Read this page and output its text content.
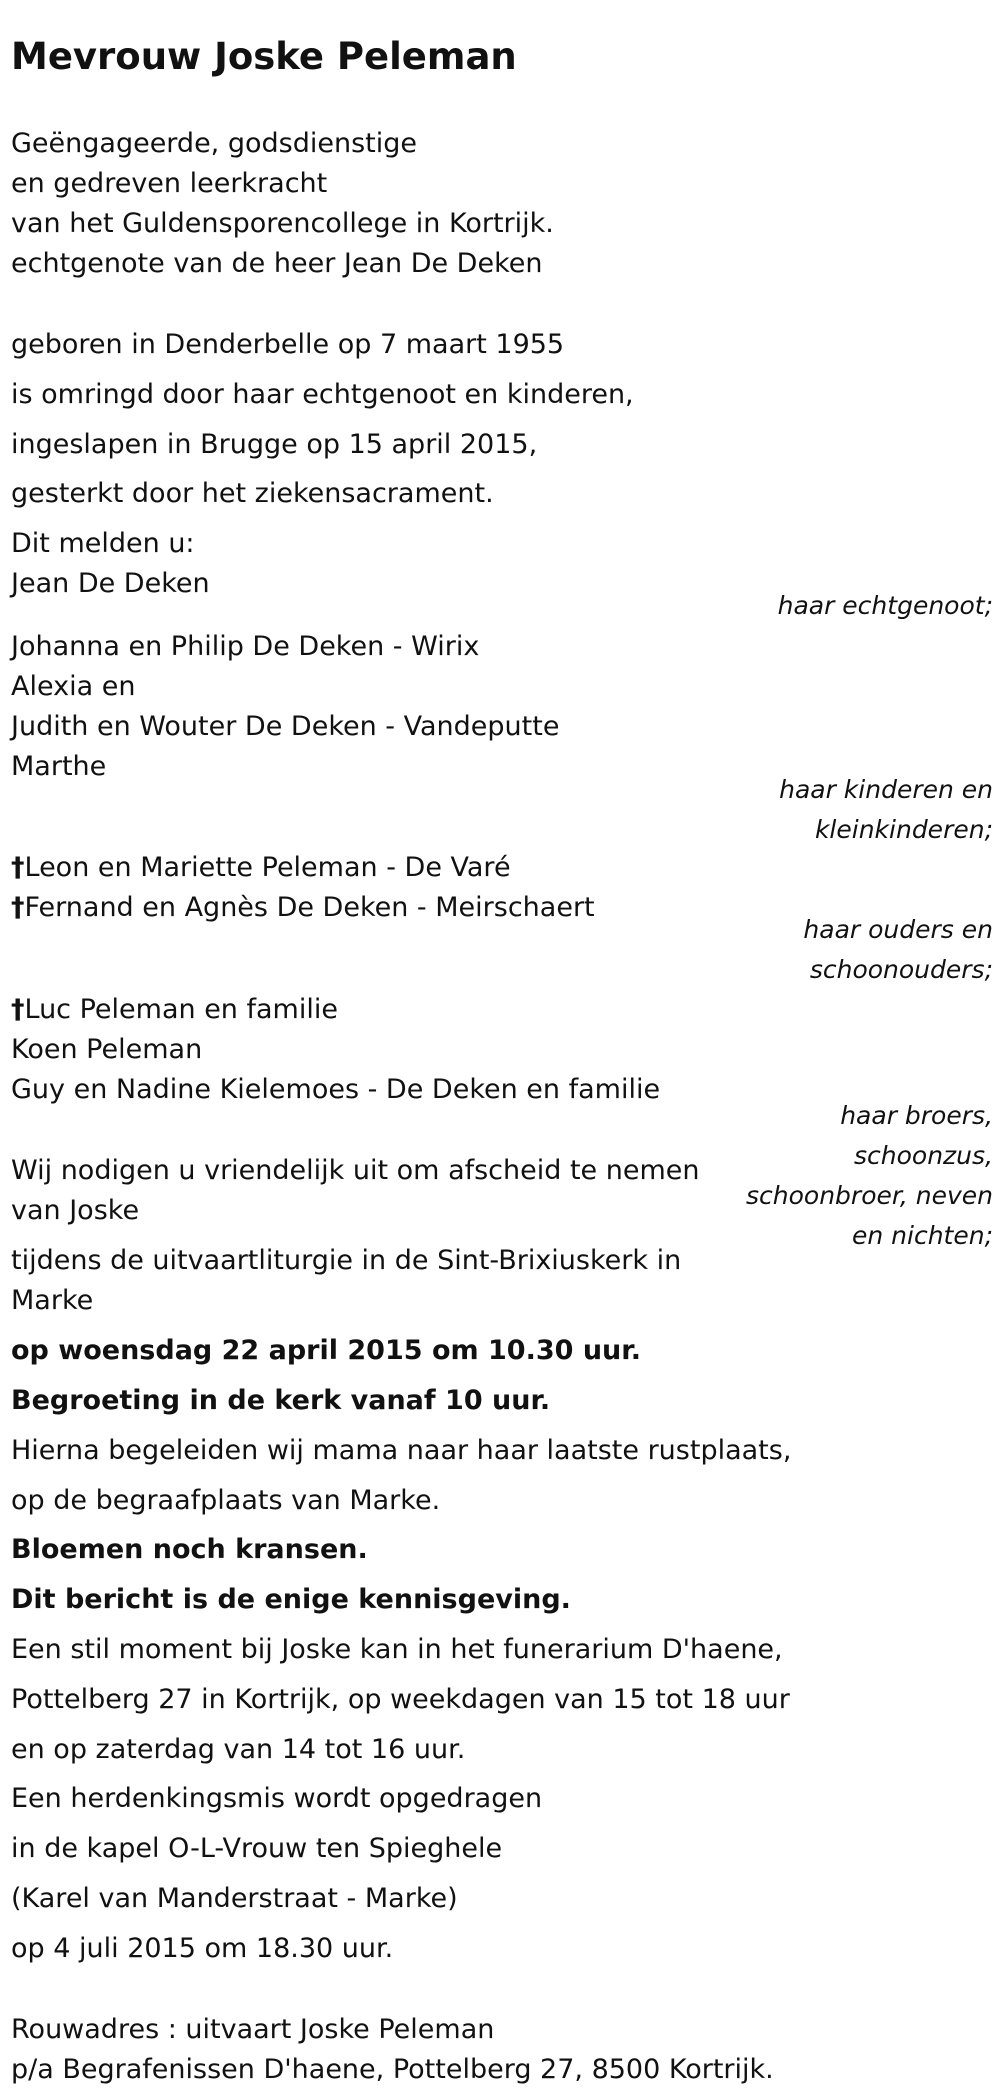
Mevrouw Joske Peleman
Geëngageerde, godsdienstige
en gedreven leerkracht
van het Guldensporencollege in Kortrijk.
echtgenote van de heer Jean De Deken
geboren in Denderbelle op 7 maart 1955
is omringd door haar echtgenoot en kinderen,
ingeslapen in Brugge op 15 april 2015,
gesterkt door het ziekensacrament.
Dit melden u:
Jean De Deken
haar echtgenoot;
Johanna en Philip De Deken - Wirix
Alexia en
Judith en Wouter De Deken - Vandeputte
Marthe
haar kinderen en
kleinkinderen;
†Leon en Mariette Peleman - De Varé
†Fernand en Agnès De Deken - Meirschaert
haar ouders en
schoonouders;
†Luc Peleman en familie
Koen Peleman
Guy en Nadine Kielemoes - De Deken en familie
haar broers,
schoonzus,
schoonbroer, neven
en nichten;
Wij nodigen u vriendelijk uit om afscheid te nemen
van Joske
tijdens de uitvaartliturgie in de Sint-Brixiuskerk in
Marke
op woensdag 22 april 2015 om 10.30 uur.
Begroeting in de kerk vanaf 10 uur.
Hierna begeleiden wij mama naar haar laatste rustplaats,
op de begraafplaats van Marke.
Bloemen noch kransen.
Dit bericht is de enige kennisgeving.
Een stil moment bij Joske kan in het funerarium D'haene,
Pottelberg 27 in Kortrijk, op weekdagen van 15 tot 18 uur
en op zaterdag van 14 tot 16 uur.
Een herdenkingsmis wordt opgedragen
in de kapel O-L-Vrouw ten Spieghele
(Karel van Manderstraat - Marke)
op 4 juli 2015 om 18.30 uur.
Rouwadres : uitvaart Joske Peleman
p/a Begrafenissen D'haene, Pottelberg 27, 8500 Kortrijk.
